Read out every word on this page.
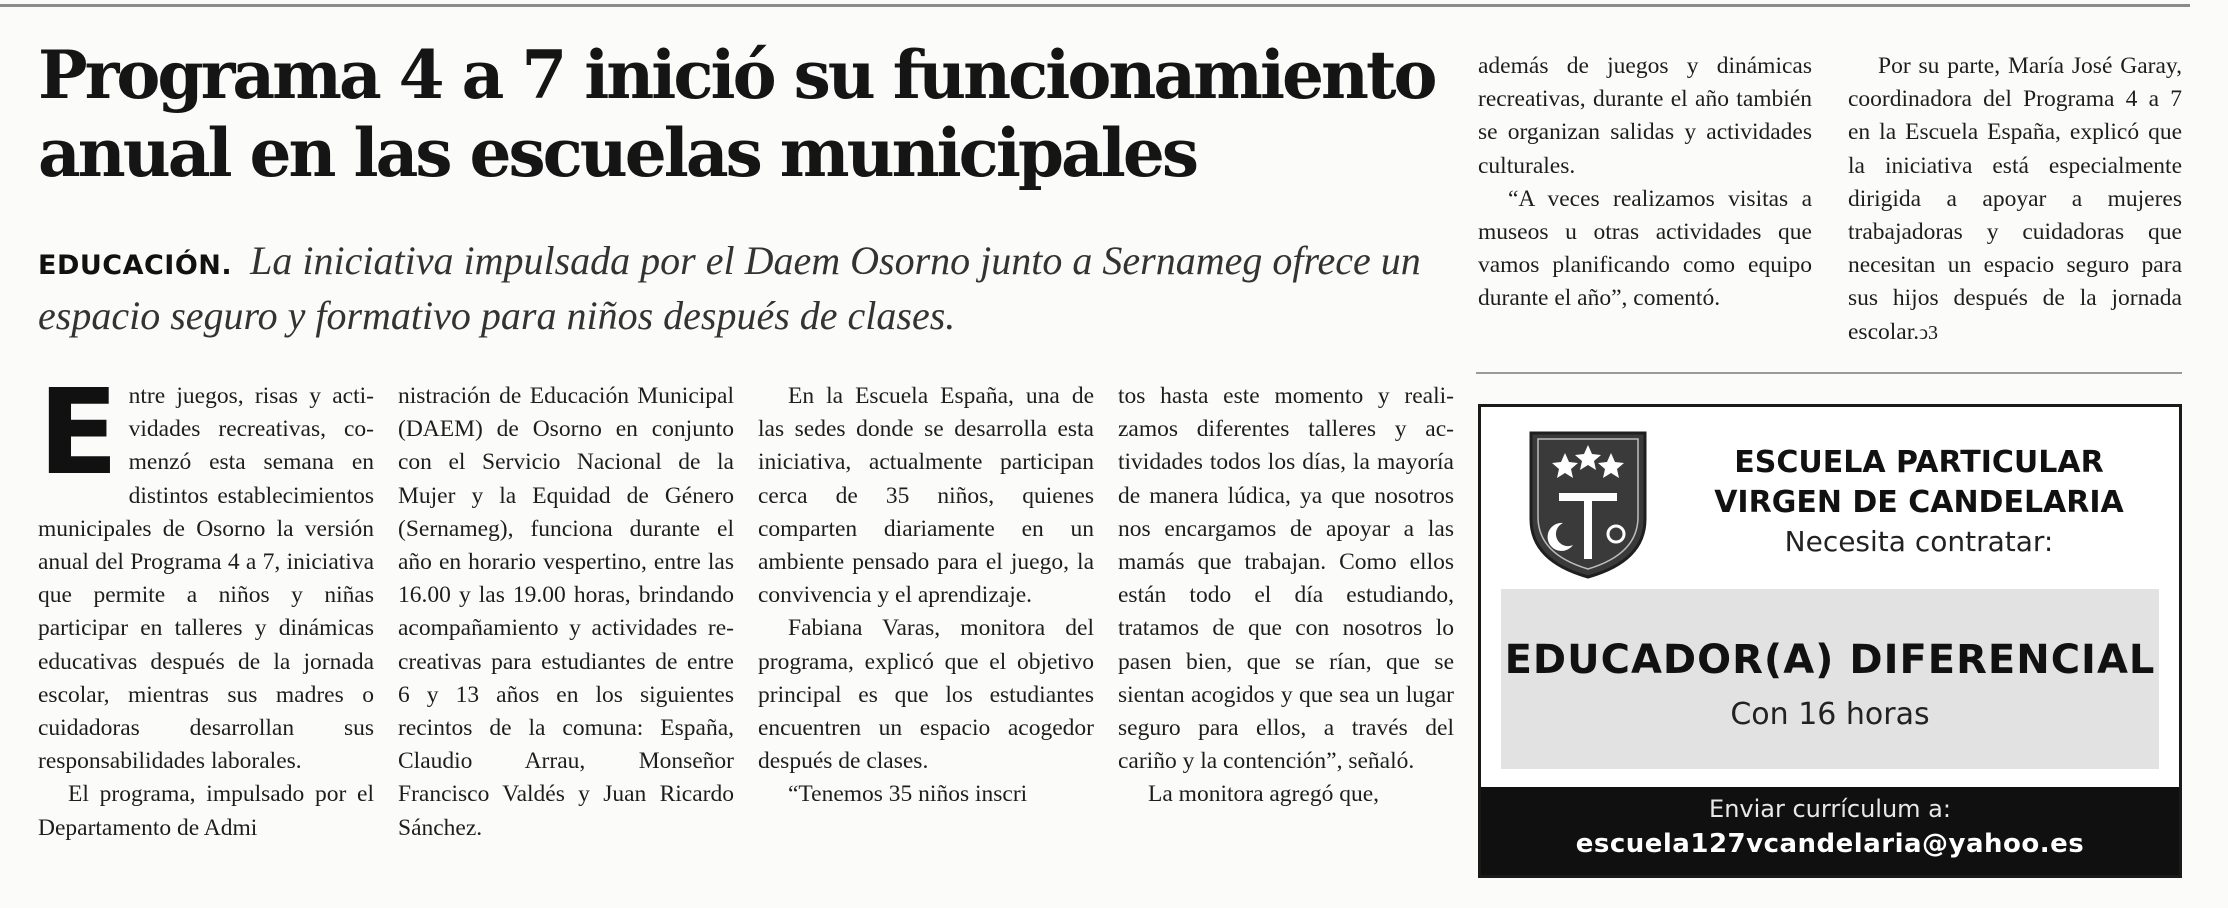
Programa 4 a 7 inició su funcionamiento
anual en las escuelas municipales
EDUCACIÓN. La iniciativa impulsada por el Daem Osorno junto a Sernameg ofrece un espacio seguro y formativo para niños después de clases.

Entre juegos, risas y actividades recreativas, comenzó esta semana en distintos establecimientos municipales de Osorno la versión anual del Programa 4 a 7, iniciativa que permite a niños y niñas participar en talleres y dinámicas educativas después de la jornada escolar, mientras sus madres o cuidadoras desarrollan sus responsabilidades laborales.

El programa, impulsado por el Departamento de Admi

nistración de Educación Municipal (DAEM) de Osorno en conjunto con el Servicio Nacional de la Mujer y la Equidad de Género (Sernameg), funciona durante el año en horario vespertino, entre las 16.00 y las 19.00 horas, brindando acompañamiento y actividades recreativas para estudiantes de entre 6 y 13 años en los siguientes recintos de la comuna: España, Claudio Arrau, Monseñor Francisco Valdés y Juan Ricardo Sánchez.

En la Escuela España, una de las sedes donde se desarrolla esta iniciativa, actualmente participan cerca de 35 niños, quienes comparten diariamente en un ambiente pensado para el juego, la convivencia y el aprendizaje.

Fabiana Varas, monitora del programa, explicó que el objetivo principal es que los estudiantes encuentren un espacio acogedor después de clases.

“Tenemos 35 niños inscri

tos hasta este momento y realizamos diferentes talleres y actividades todos los días, la mayoría de manera lúdica, ya que nosotros nos encargamos de apoyar a las mamás que trabajan. Como ellos están todo el día estudiando, tratamos de que con nosotros lo pasen bien, que se rían, que se sientan acogidos y que sea un lugar seguro para ellos, a través del cariño y la contención”, señaló.

La monitora agregó que,

además de juegos y dinámicas recreativas, durante el año también se organizan salidas y actividades culturales.

“A veces realizamos visitas a museos u otras actividades que vamos planificando como equipo durante el año”, comentó.

Por su parte, María José Garay, coordinadora del Programa 4 a 7 en la Escuela España, explicó que la iniciativa está especialmente dirigida a apoyar a mujeres trabajadoras y cuidadoras que necesitan un espacio seguro para sus hijos después de la jornada escolar.ↄ3

ESCUELA PARTICULAR
VIRGEN DE CANDELARIA
Necesita contratar:
EDUCADOR(A) DIFERENCIAL
Con 16 horas
Enviar currículum a:
escuela127vcandelaria@yahoo.es
